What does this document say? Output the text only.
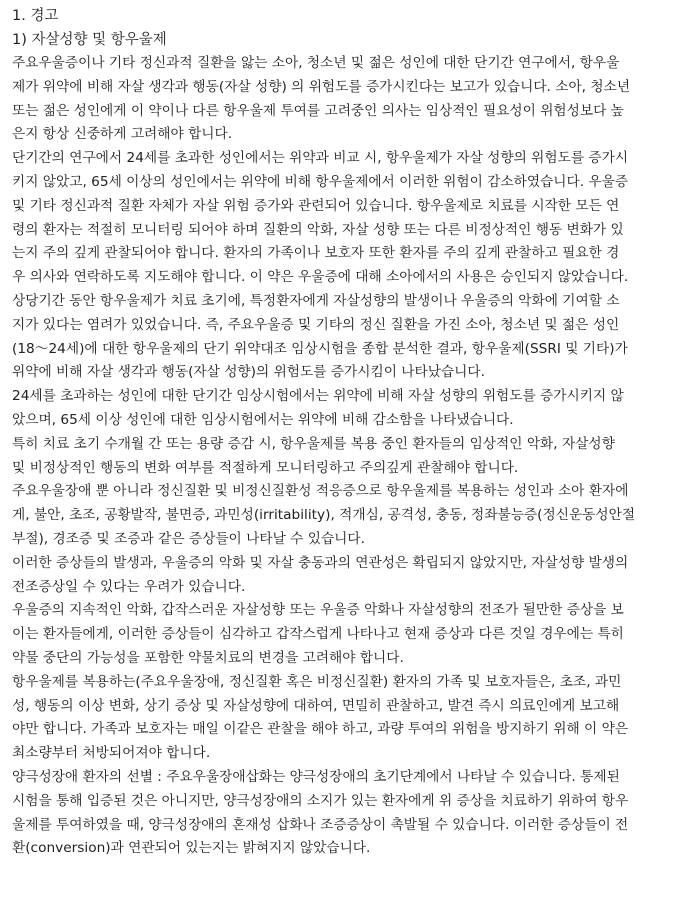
1. 경고
1) 자살성향 및 항우울제
주요우울증이나 기타 정신과적 질환을 앓는 소아, 청소년 및 젊은 성인에 대한 단기간 연구에서, 항우울
제가 위약에 비해 자살 생각과 행동(자살 성향) 의 위험도를 증가시킨다는 보고가 있습니다. 소아, 청소년
또는 젊은 성인에게 이 약이나 다른 항우울제 투여를 고려중인 의사는 임상적인 필요성이 위험성보다 높
은지 항상 신중하게 고려해야 합니다.
단기간의 연구에서 24세를 초과한 성인에서는 위약과 비교 시, 항우울제가 자살 성향의 위험도를 증가시
키지 않았고, 65세 이상의 성인에서는 위약에 비해 항우울제에서 이러한 위험이 감소하였습니다. 우울증
및 기타 정신과적 질환 자체가 자살 위험 증가와 관련되어 있습니다. 항우울제로 치료를 시작한 모든 연
령의 환자는 적절히 모니터링 되어야 하며 질환의 악화, 자살 성향 또는 다른 비정상적인 행동 변화가 있
는지 주의 깊게 관찰되어야 합니다. 환자의 가족이나 보호자 또한 환자를 주의 깊게 관찰하고 필요한 경
우 의사와 연락하도록 지도해야 합니다. 이 약은 우울증에 대해 소아에서의 사용은 승인되지 않았습니다.
상당기간 동안 항우울제가 치료 초기에, 특정환자에게 자살성향의 발생이나 우울증의 악화에 기여할 소
지가 있다는 염려가 있었습니다. 즉, 주요우울증 및 기타의 정신 질환을 가진 소아, 청소년 및 젊은 성인
(18～24세)에 대한 항우울제의 단기 위약대조 임상시험을 종합 분석한 결과, 항우울제(SSRI 및 기타)가
위약에 비해 자살 생각과 행동(자살 성향)의 위험도를 증가시킴이 나타났습니다.
24세를 초과하는 성인에 대한 단기간 임상시험에서는 위약에 비해 자살 성향의 위험도를 증가시키지 않
았으며, 65세 이상 성인에 대한 임상시험에서는 위약에 비해 감소함을 나타냈습니다.
특히 치료 초기 수개월 간 또는 용량 증감 시, 항우울제를 복용 중인 환자들의 임상적인 악화, 자살성향
및 비정상적인 행동의 변화 여부를 적절하게 모니터링하고 주의깊게 관찰해야 합니다.
주요우울장애 뿐 아니라 정신질환 및 비정신질환성 적응증으로 항우울제를 복용하는 성인과 소아 환자에
게, 불안, 초조, 공황발작, 불면증, 과민성(irritability), 적개심, 공격성, 충동, 정좌불능증(정신운동성안절
부절), 경조증 및 조증과 같은 증상들이 나타날 수 있습니다.
이러한 증상들의 발생과, 우울증의 악화 및 자살 충동과의 연관성은 확립되지 않았지만, 자살성향 발생의
전조증상일 수 있다는 우려가 있습니다.
우울증의 지속적인 악화, 갑작스러운 자살성향 또는 우울증 악화나 자살성향의 전조가 될만한 증상을 보
이는 환자들에게, 이러한 증상들이 심각하고 갑작스럽게 나타나고 현재 증상과 다른 것일 경우에는 특히
약물 중단의 가능성을 포함한 약물치료의 변경을 고려해야 합니다.
항우울제를 복용하는(주요우울장애, 정신질환 혹은 비정신질환) 환자의 가족 및 보호자들은, 초조, 과민
성, 행동의 이상 변화, 상기 증상 및 자살성향에 대하여, 면밀히 관찰하고, 발견 즉시 의료인에게 보고해
야만 합니다. 가족과 보호자는 매일 이같은 관찰을 해야 하고, 과량 투여의 위험을 방지하기 위해 이 약은
최소량부터 처방되어져야 합니다.
양극성장애 환자의 선별 : 주요우울장애삽화는 양극성장애의 초기단계에서 나타날 수 있습니다. 통제된
시험을 통해 입증된 것은 아니지만, 양극성장애의 소지가 있는 환자에게 위 증상을 치료하기 위하여 항우
울제를 투여하였을 때, 양극성장애의 혼재성 삽화나 조증증상이 촉발될 수 있습니다. 이러한 증상들이 전
환(conversion)과 연관되어 있는지는 밝혀지지 않았습니다.
